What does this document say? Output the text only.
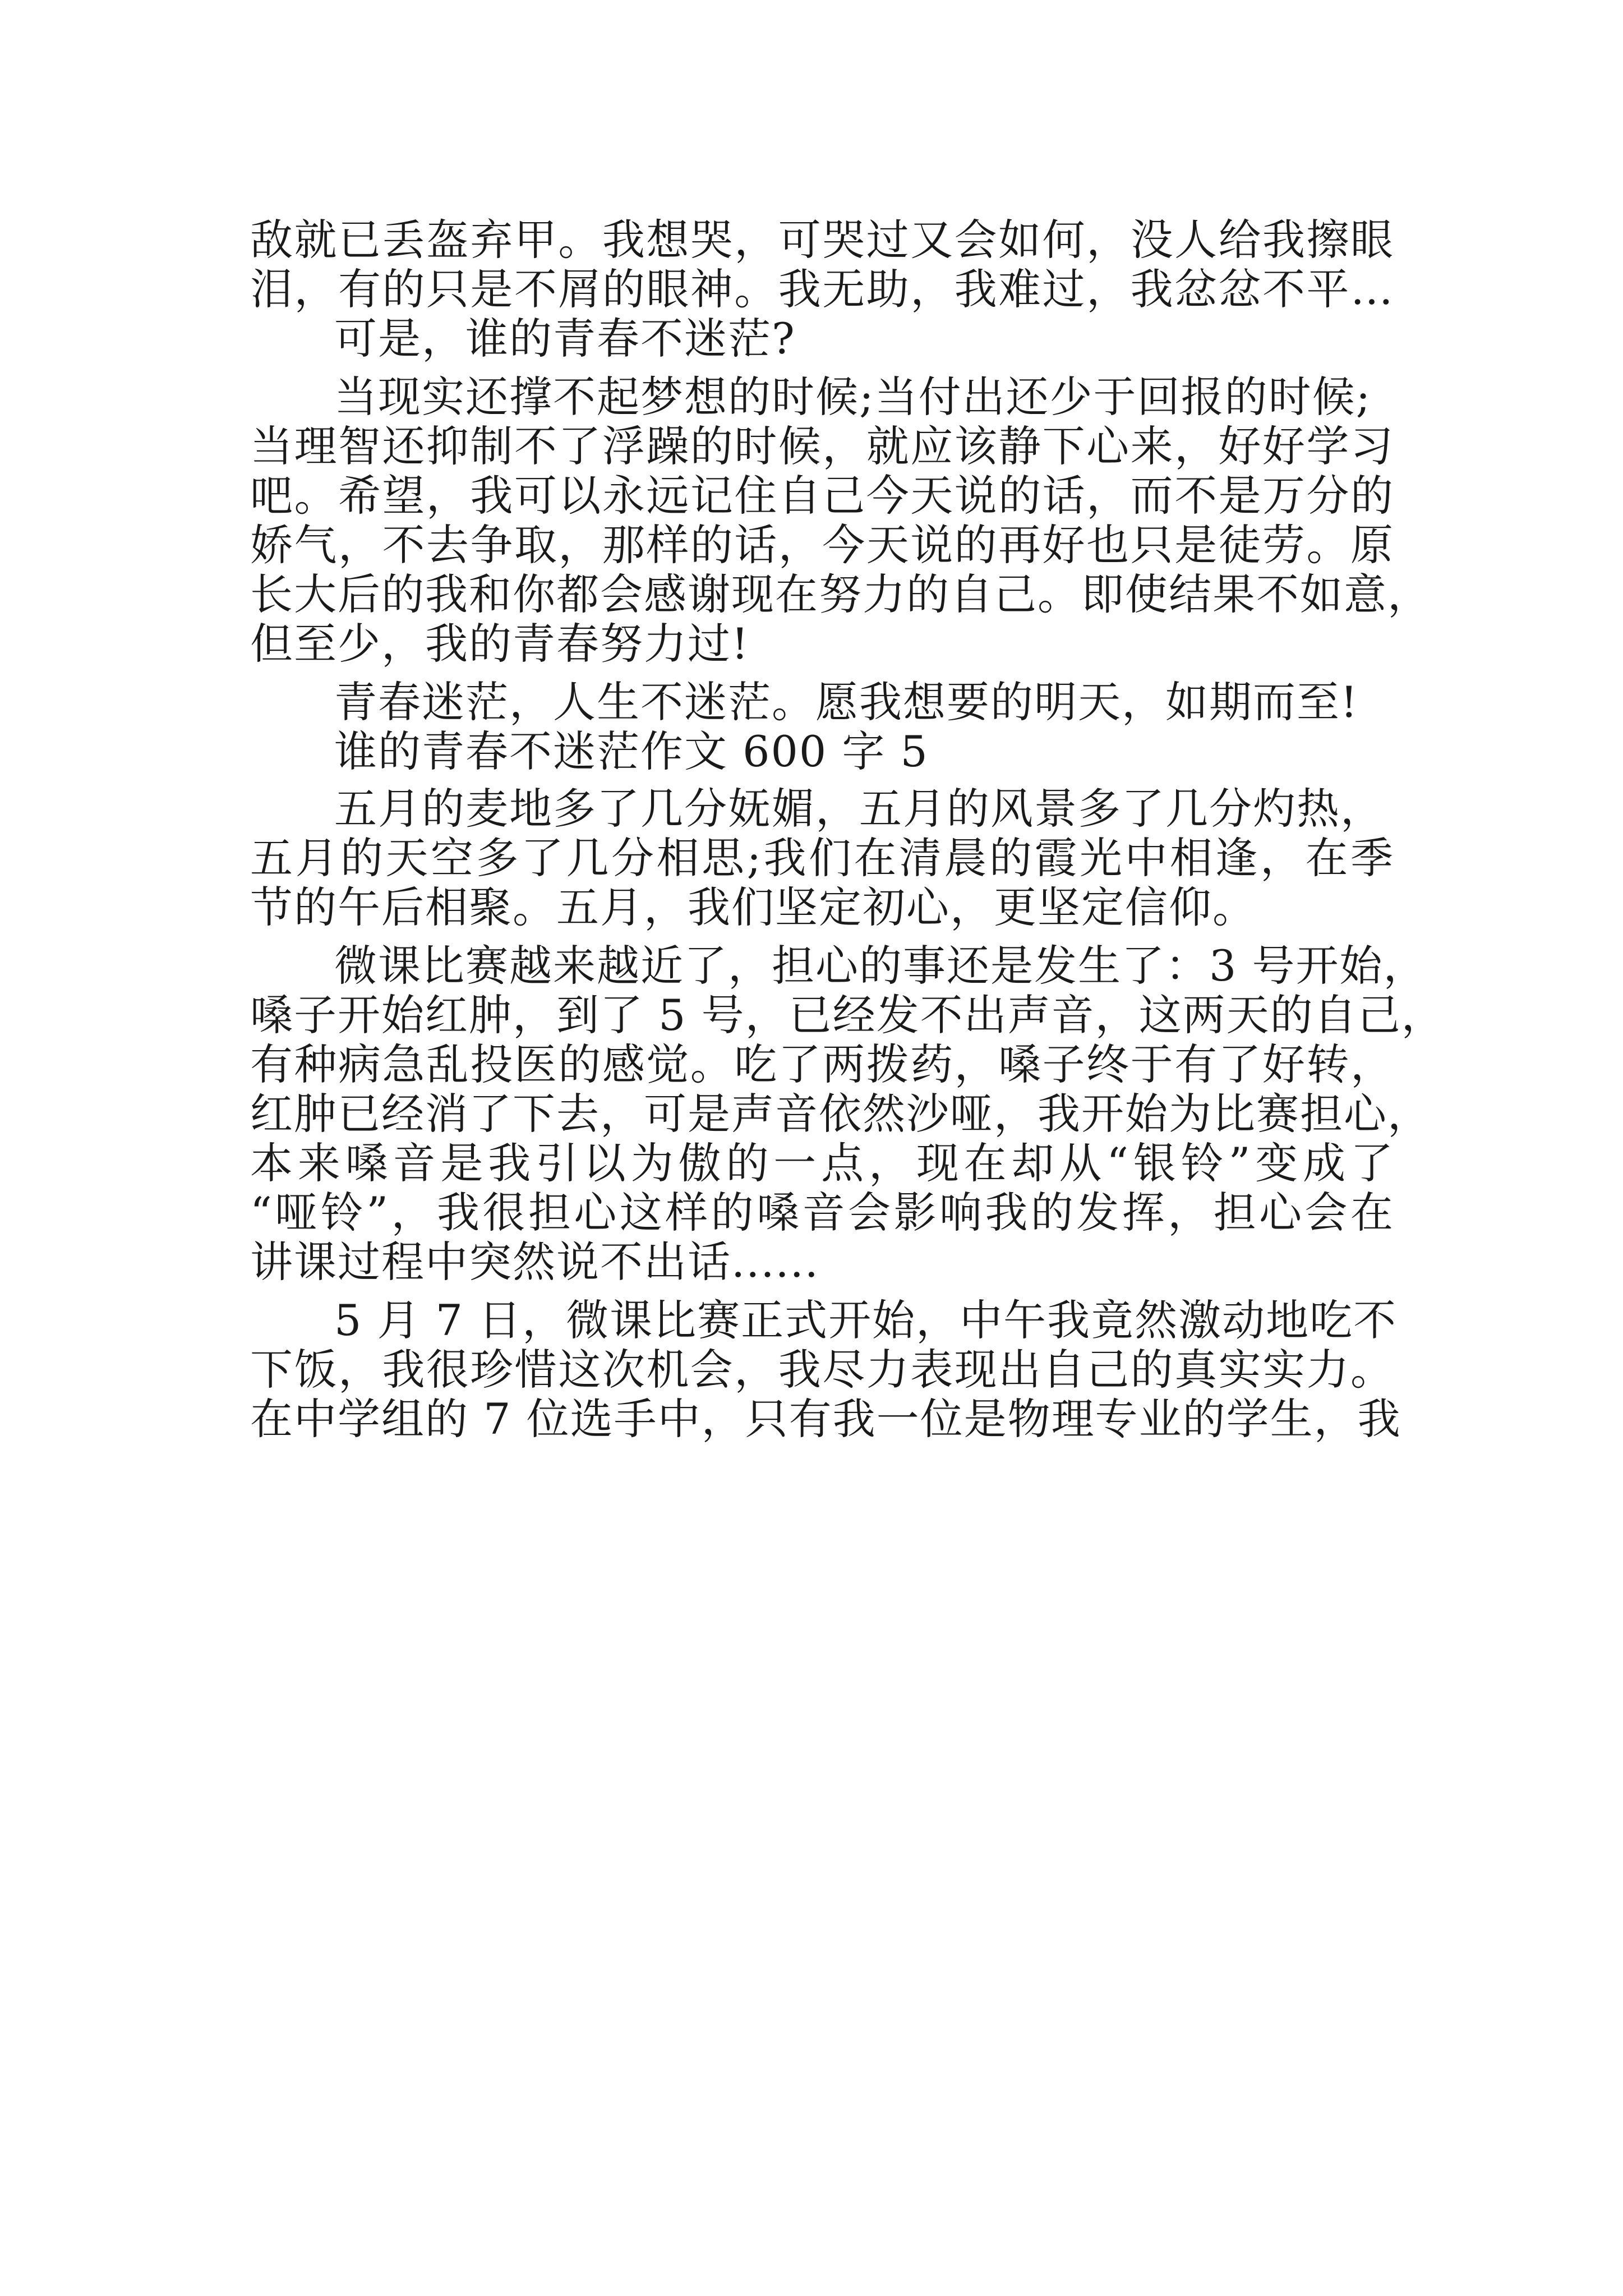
敌就已丢盔弃甲。我想哭，可哭过又会如何，没人给我擦眼
泪，有的只是不屑的眼神。我无助，我难过，我忿忿不平…
可是，谁的青春不迷茫?
当现实还撑不起梦想的时候;当付出还少于回报的时候;
当理智还抑制不了浮躁的时候，就应该静下心来，好好学习
吧。希望，我可以永远记住自己今天说的话，而不是万分的
娇气，不去争取，那样的话，今天说的再好也只是徒劳。原
长大后的我和你都会感谢现在努力的自己。即使结果不如意，
但至少，我的青春努力过!
青春迷茫，人生不迷茫。愿我想要的明天，如期而至!
谁的青春不迷茫作文 600 字 5
五月的麦地多了几分妩媚，五月的风景多了几分灼热，
五月的天空多了几分相思;我们在清晨的霞光中相逢，在季
节的午后相聚。五月，我们坚定初心，更坚定信仰。
微课比赛越来越近了，担心的事还是发生了：3 号开始，
嗓子开始红肿，到了 5 号，已经发不出声音，这两天的自己，
有种病急乱投医的感觉。吃了两拨药，嗓子终于有了好转，
红肿已经消了下去，可是声音依然沙哑，我开始为比赛担心，
本来嗓音是我引以为傲的一点，现在却从“银铃”变成了
“哑铃”，我很担心这样的嗓音会影响我的发挥，担心会在
讲课过程中突然说不出话......
5 月 7 日，微课比赛正式开始，中午我竟然激动地吃不
下饭，我很珍惜这次机会，我尽力表现出自己的真实实力。
在中学组的 7 位选手中，只有我一位是物理专业的学生，我
